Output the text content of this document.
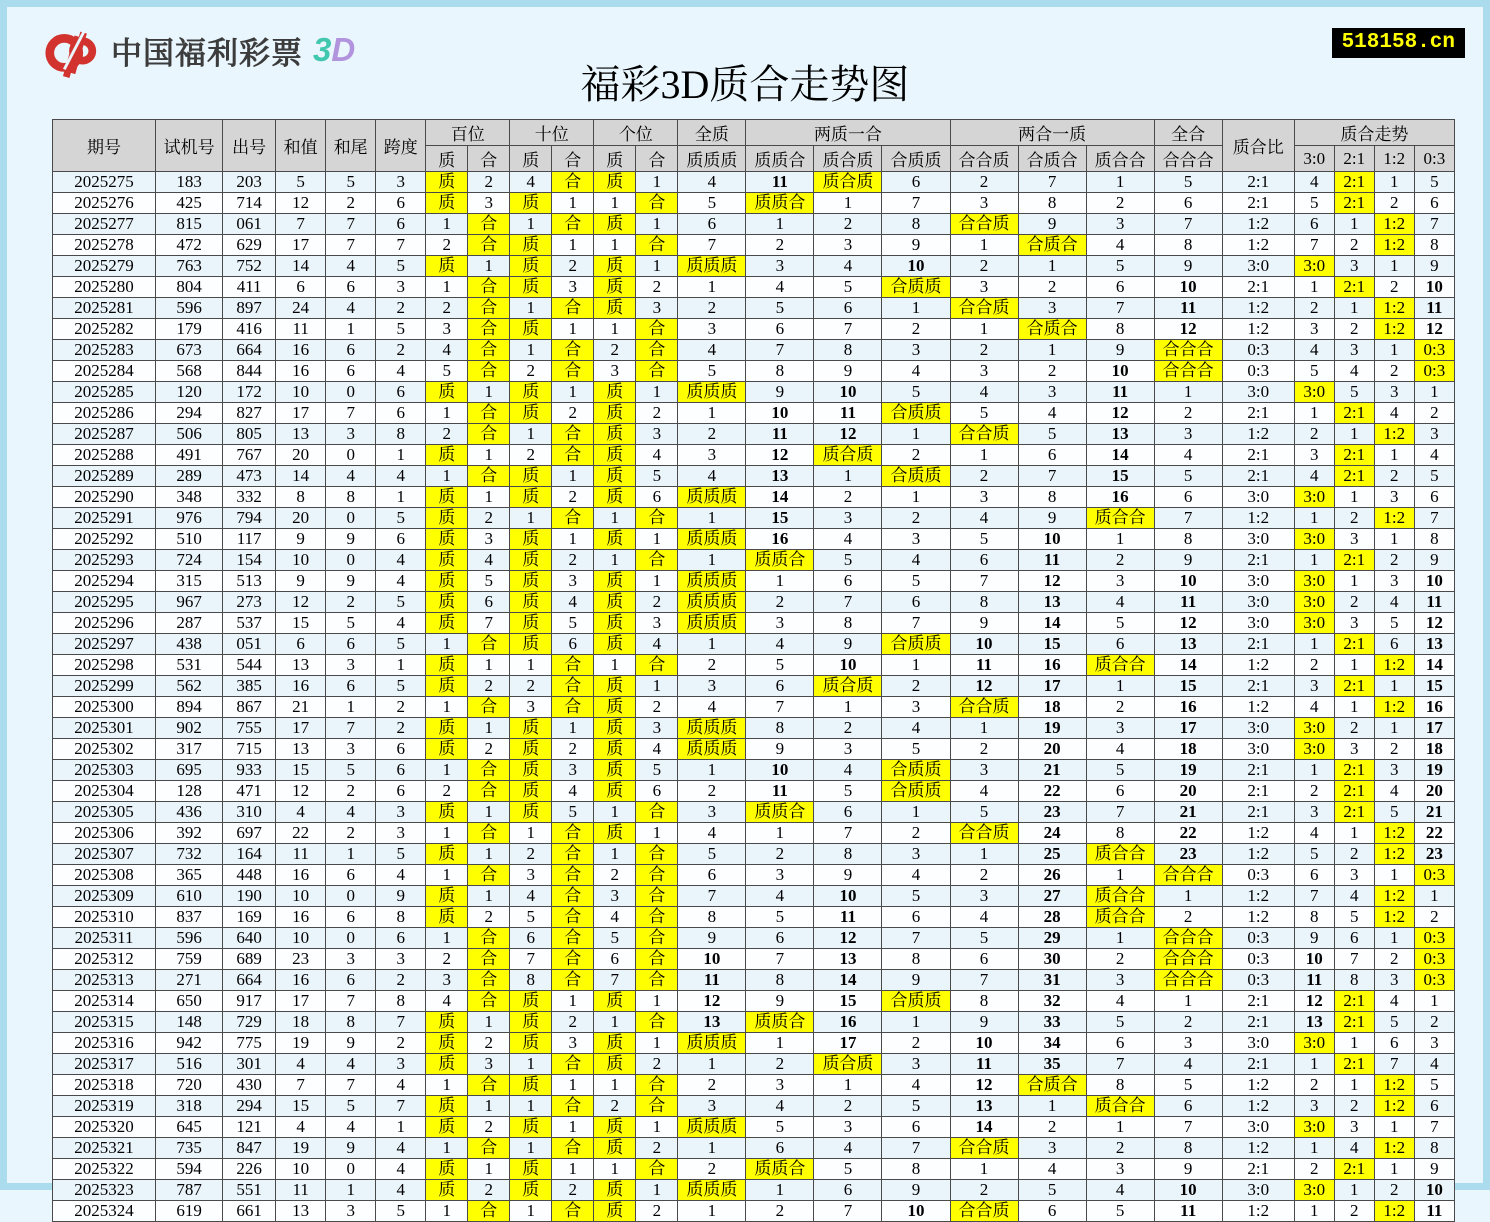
中国福利彩票 3D	518158.cn
福彩3D质合走势图
期号	试机号	出号	和值	和尾	跨度	百位		十位		个位		全质	两质一合			两合一质			全合	质合比	质合走势			
						质	合	质	合	质	合	质质质	质质合	质合质	合质质	合合质	合质合	质合合	合合合		3:0	2:1	1:2	0:3
2025275	183	203	5	5	3	质	2	4	合	质	1	4	11	质合质	6	2	7	1	5	2:1	4	2:1	1	5
2025276	425	714	12	2	6	质	3	质	1	1	合	5	质质合	1	7	3	8	2	6	2:1	5	2:1	2	6
2025277	815	061	7	7	6	1	合	1	合	质	1	6	1	2	8	合合质	9	3	7	1:2	6	1	1:2	7
2025278	472	629	17	7	7	2	合	质	1	1	合	7	2	3	9	1	合质合	4	8	1:2	7	2	1:2	8
2025279	763	752	14	4	5	质	1	质	2	质	1	质质质	3	4	10	2	1	5	9	3:0	3:0	3	1	9
2025280	804	411	6	6	3	1	合	质	3	质	2	1	4	5	合质质	3	2	6	10	2:1	1	2:1	2	10
2025281	596	897	24	4	2	2	合	1	合	质	3	2	5	6	1	合合质	3	7	11	1:2	2	1	1:2	11
2025282	179	416	11	1	5	3	合	质	1	1	合	3	6	7	2	1	合质合	8	12	1:2	3	2	1:2	12
2025283	673	664	16	6	2	4	合	1	合	2	合	4	7	8	3	2	1	9	合合合	0:3	4	3	1	0:3
2025284	568	844	16	6	4	5	合	2	合	3	合	5	8	9	4	3	2	10	合合合	0:3	5	4	2	0:3
2025285	120	172	10	0	6	质	1	质	1	质	1	质质质	9	10	5	4	3	11	1	3:0	3:0	5	3	1
2025286	294	827	17	7	6	1	合	质	2	质	2	1	10	11	合质质	5	4	12	2	2:1	1	2:1	4	2
2025287	506	805	13	3	8	2	合	1	合	质	3	2	11	12	1	合合质	5	13	3	1:2	2	1	1:2	3
2025288	491	767	20	0	1	质	1	2	合	质	4	3	12	质合质	2	1	6	14	4	2:1	3	2:1	1	4
2025289	289	473	14	4	4	1	合	质	1	质	5	4	13	1	合质质	2	7	15	5	2:1	4	2:1	2	5
2025290	348	332	8	8	1	质	1	质	2	质	6	质质质	14	2	1	3	8	16	6	3:0	3:0	1	3	6
2025291	976	794	20	0	5	质	2	1	合	1	合	1	15	3	2	4	9	质合合	7	1:2	1	2	1:2	7
2025292	510	117	9	9	6	质	3	质	1	质	1	质质质	16	4	3	5	10	1	8	3:0	3:0	3	1	8
2025293	724	154	10	0	4	质	4	质	2	1	合	1	质质合	5	4	6	11	2	9	2:1	1	2:1	2	9
2025294	315	513	9	9	4	质	5	质	3	质	1	质质质	1	6	5	7	12	3	10	3:0	3:0	1	3	10
2025295	967	273	12	2	5	质	6	质	4	质	2	质质质	2	7	6	8	13	4	11	3:0	3:0	2	4	11
2025296	287	537	15	5	4	质	7	质	5	质	3	质质质	3	8	7	9	14	5	12	3:0	3:0	3	5	12
2025297	438	051	6	6	5	1	合	质	6	质	4	1	4	9	合质质	10	15	6	13	2:1	1	2:1	6	13
2025298	531	544	13	3	1	质	1	1	合	1	合	2	5	10	1	11	16	质合合	14	1:2	2	1	1:2	14
2025299	562	385	16	6	5	质	2	2	合	质	1	3	6	质合质	2	12	17	1	15	2:1	3	2:1	1	15
2025300	894	867	21	1	2	1	合	3	合	质	2	4	7	1	3	合合质	18	2	16	1:2	4	1	1:2	16
2025301	902	755	17	7	2	质	1	质	1	质	3	质质质	8	2	4	1	19	3	17	3:0	3:0	2	1	17
2025302	317	715	13	3	6	质	2	质	2	质	4	质质质	9	3	5	2	20	4	18	3:0	3:0	3	2	18
2025303	695	933	15	5	6	1	合	质	3	质	5	1	10	4	合质质	3	21	5	19	2:1	1	2:1	3	19
2025304	128	471	12	2	6	2	合	质	4	质	6	2	11	5	合质质	4	22	6	20	2:1	2	2:1	4	20
2025305	436	310	4	4	3	质	1	质	5	1	合	3	质质合	6	1	5	23	7	21	2:1	3	2:1	5	21
2025306	392	697	22	2	3	1	合	1	合	质	1	4	1	7	2	合合质	24	8	22	1:2	4	1	1:2	22
2025307	732	164	11	1	5	质	1	2	合	1	合	5	2	8	3	1	25	质合合	23	1:2	5	2	1:2	23
2025308	365	448	16	6	4	1	合	3	合	2	合	6	3	9	4	2	26	1	合合合	0:3	6	3	1	0:3
2025309	610	190	10	0	9	质	1	4	合	3	合	7	4	10	5	3	27	质合合	1	1:2	7	4	1:2	1
2025310	837	169	16	6	8	质	2	5	合	4	合	8	5	11	6	4	28	质合合	2	1:2	8	5	1:2	2
2025311	596	640	10	0	6	1	合	6	合	5	合	9	6	12	7	5	29	1	合合合	0:3	9	6	1	0:3
2025312	759	689	23	3	3	2	合	7	合	6	合	10	7	13	8	6	30	2	合合合	0:3	10	7	2	0:3
2025313	271	664	16	6	2	3	合	8	合	7	合	11	8	14	9	7	31	3	合合合	0:3	11	8	3	0:3
2025314	650	917	17	7	8	4	合	质	1	质	1	12	9	15	合质质	8	32	4	1	2:1	12	2:1	4	1
2025315	148	729	18	8	7	质	1	质	2	1	合	13	质质合	16	1	9	33	5	2	2:1	13	2:1	5	2
2025316	942	775	19	9	2	质	2	质	3	质	1	质质质	1	17	2	10	34	6	3	3:0	3:0	1	6	3
2025317	516	301	4	4	3	质	3	1	合	质	2	1	2	质合质	3	11	35	7	4	2:1	1	2:1	7	4
2025318	720	430	7	7	4	1	合	质	1	1	合	2	3	1	4	12	合质合	8	5	1:2	2	1	1:2	5
2025319	318	294	15	5	7	质	1	1	合	2	合	3	4	2	5	13	1	质合合	6	1:2	3	2	1:2	6
2025320	645	121	4	4	1	质	2	质	1	质	1	质质质	5	3	6	14	2	1	7	3:0	3:0	3	1	7
2025321	735	847	19	9	4	1	合	1	合	质	2	1	6	4	7	合合质	3	2	8	1:2	1	4	1:2	8
2025322	594	226	10	0	4	质	1	质	1	1	合	2	质质合	5	8	1	4	3	9	2:1	2	2:1	1	9
2025323	787	551	11	1	4	质	2	质	2	质	1	质质质	1	6	9	2	5	4	10	3:0	3:0	1	2	10
2025324	619	661	13	3	5	1	合	1	合	质	2	1	2	7	10	合合质	6	5	11	1:2	1	2	1:2	11
